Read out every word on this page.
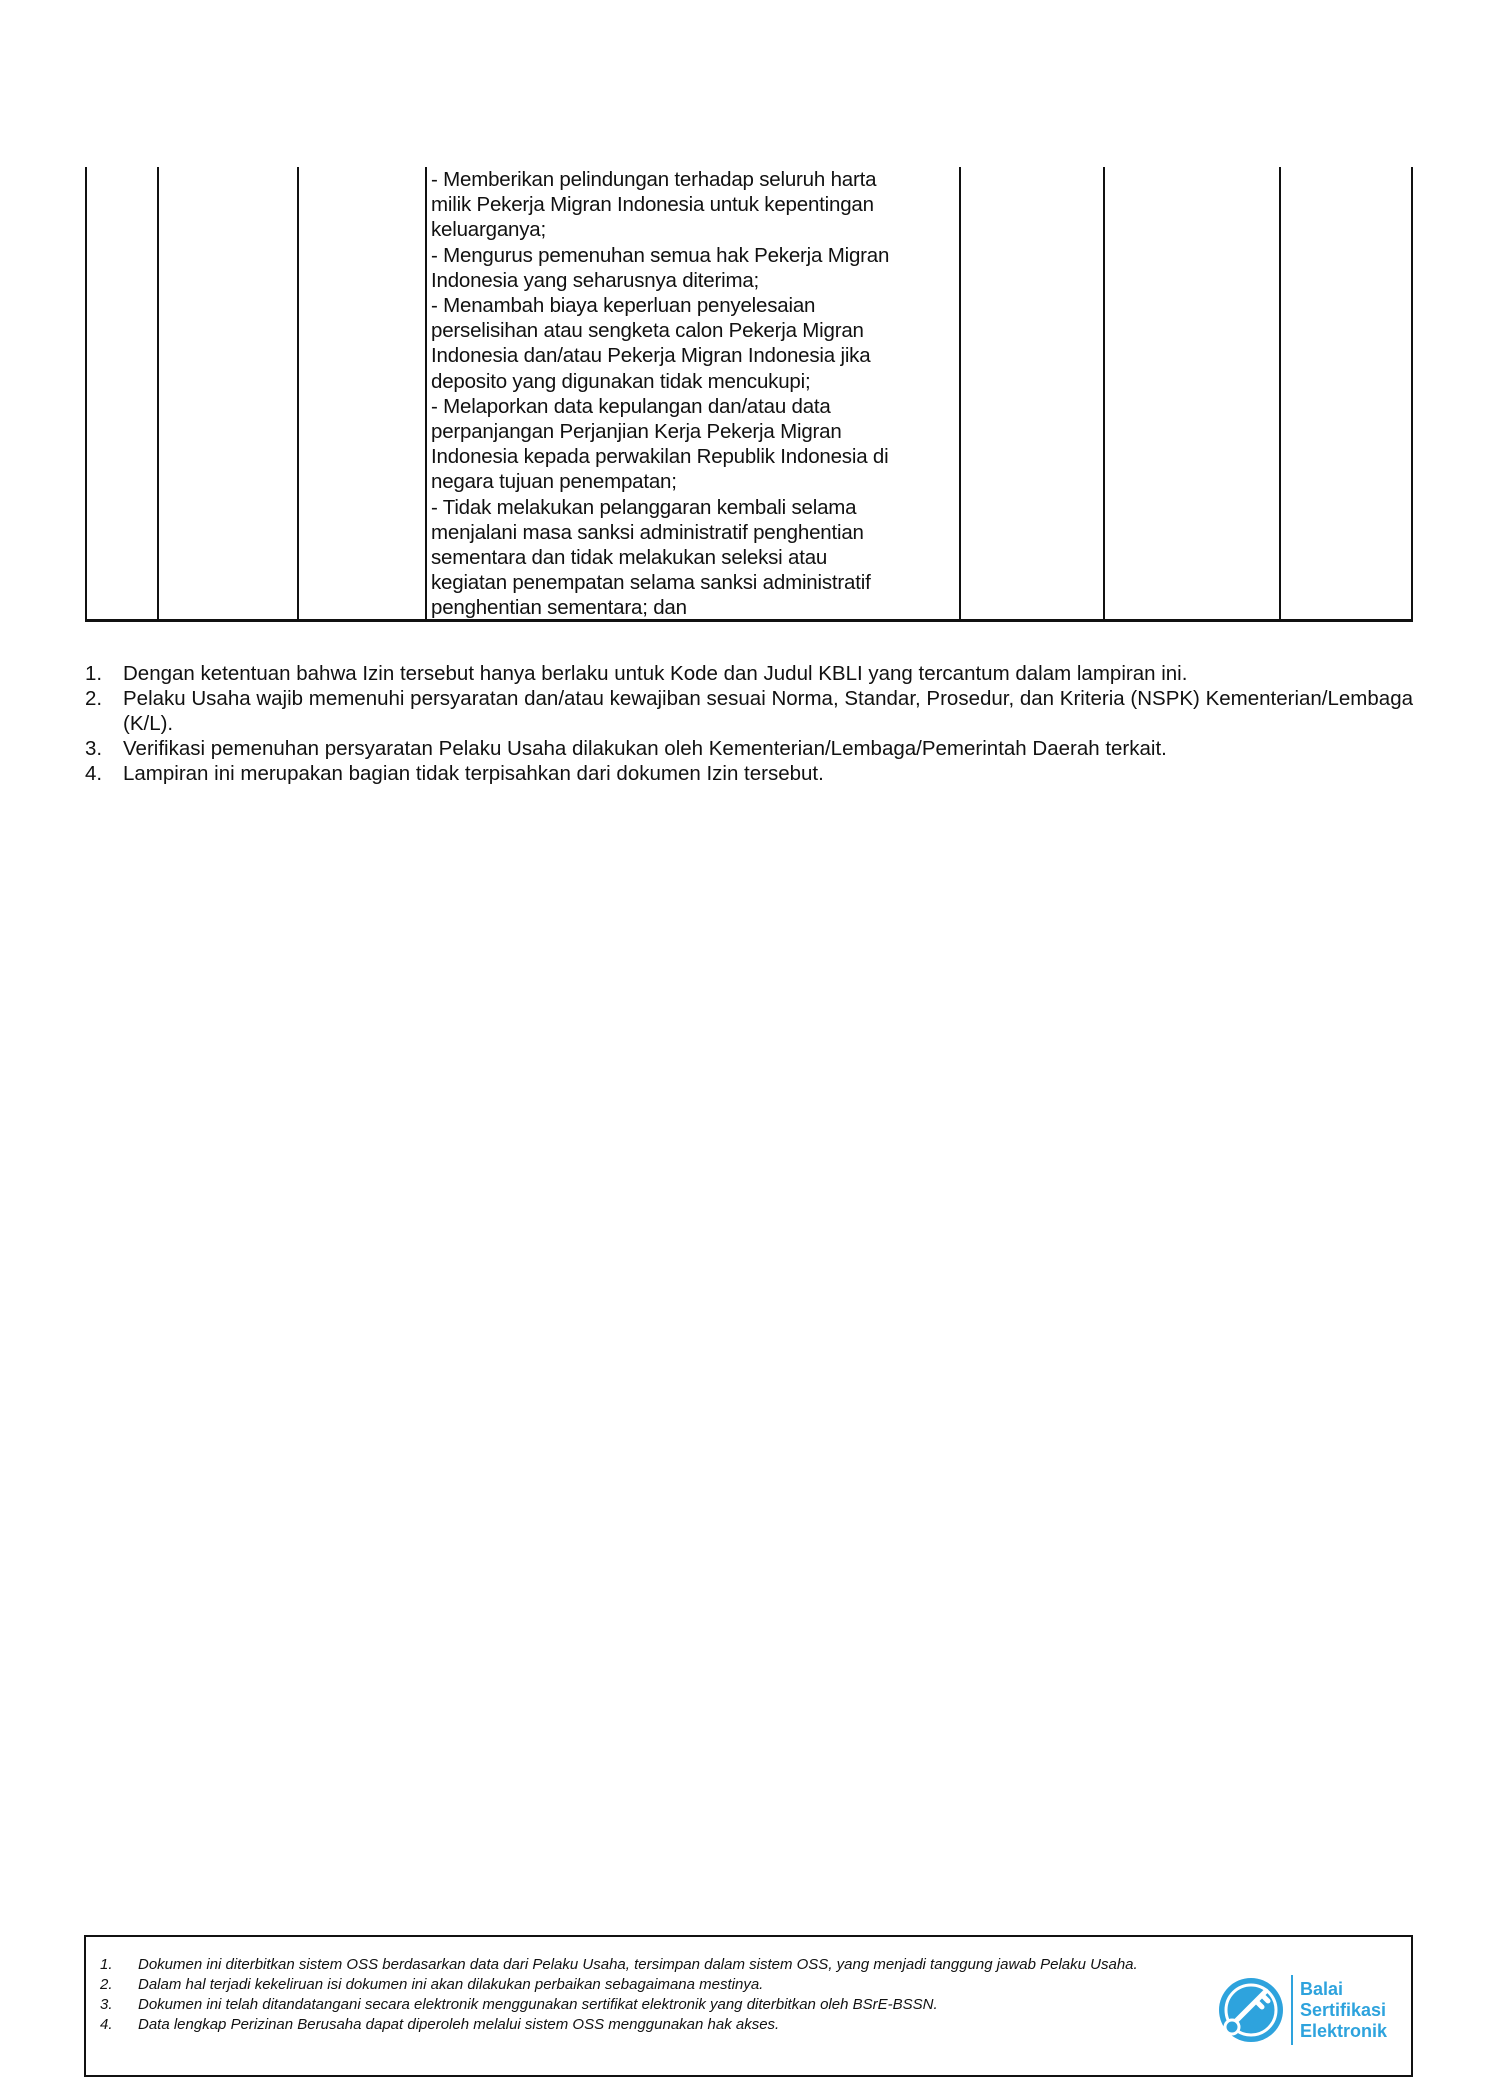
- Memberikan pelindungan terhadap seluruh harta
milik Pekerja Migran Indonesia untuk kepentingan
keluarganya;
- Mengurus pemenuhan semua hak Pekerja Migran
Indonesia yang seharusnya diterima;
- Menambah biaya keperluan penyelesaian
perselisihan atau sengketa calon Pekerja Migran
Indonesia dan/atau Pekerja Migran Indonesia jika
deposito yang digunakan tidak mencukupi;
- Melaporkan data kepulangan dan/atau data
perpanjangan Perjanjian Kerja Pekerja Migran
Indonesia kepada perwakilan Republik Indonesia di
negara tujuan penempatan;
- Tidak melakukan pelanggaran kembali selama
menjalani masa sanksi administratif penghentian
sementara dan tidak melakukan seleksi atau
kegiatan penempatan selama sanksi administratif
penghentian sementara; dan
1. Dengan ketentuan bahwa Izin tersebut hanya berlaku untuk Kode dan Judul KBLI yang tercantum dalam lampiran ini.
2. Pelaku Usaha wajib memenuhi persyaratan dan/atau kewajiban sesuai Norma, Standar, Prosedur, dan Kriteria (NSPK) Kementerian/Lembaga (K/L).
3. Verifikasi pemenuhan persyaratan Pelaku Usaha dilakukan oleh Kementerian/Lembaga/Pemerintah Daerah terkait.
4. Lampiran ini merupakan bagian tidak terpisahkan dari dokumen Izin tersebut.
1. Dokumen ini diterbitkan sistem OSS berdasarkan data dari Pelaku Usaha, tersimpan dalam sistem OSS, yang menjadi tanggung jawab Pelaku Usaha.
2. Dalam hal terjadi kekeliruan isi dokumen ini akan dilakukan perbaikan sebagaimana mestinya.
3. Dokumen ini telah ditandatangani secara elektronik menggunakan sertifikat elektronik yang diterbitkan oleh BSrE-BSSN.
4. Data lengkap Perizinan Berusaha dapat diperoleh melalui sistem OSS menggunakan hak akses.
Balai
Sertifikasi
Elektronik
